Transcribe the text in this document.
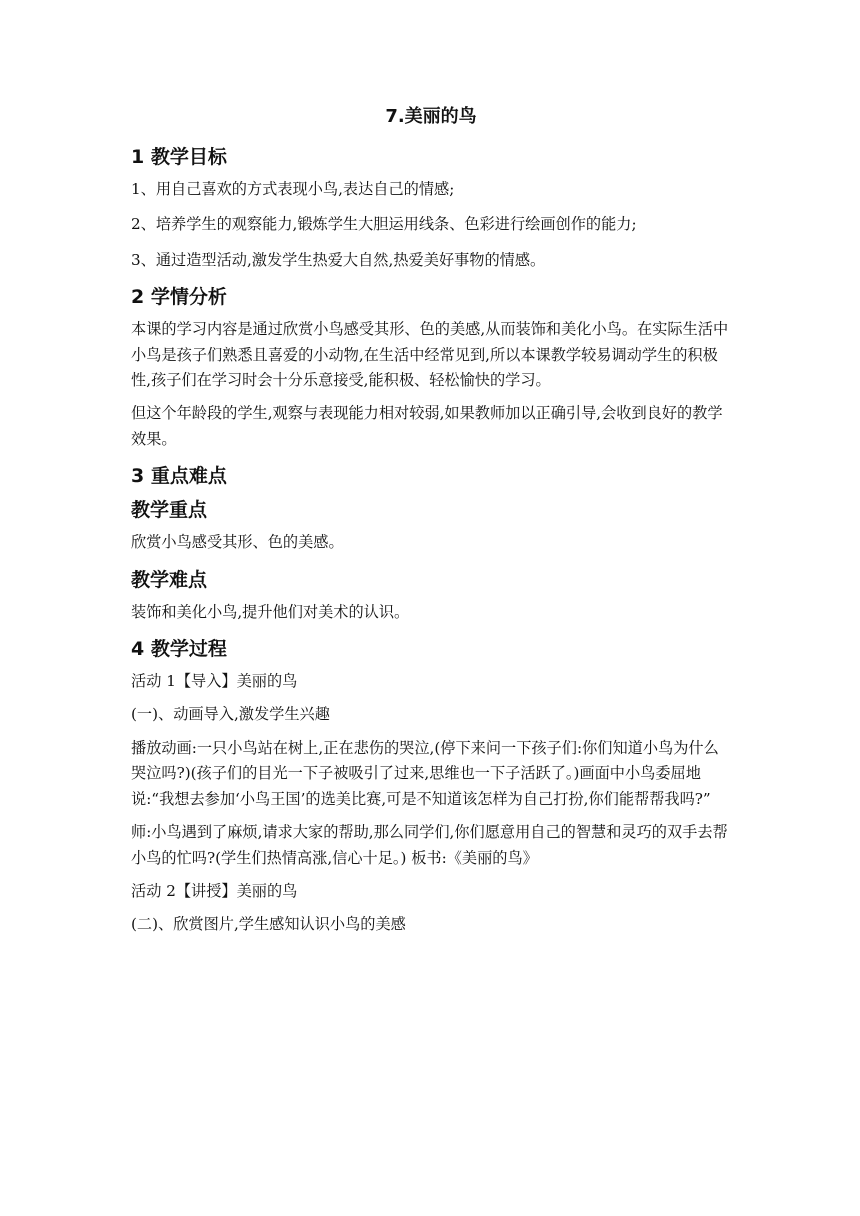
7.美丽的鸟
1 教学目标
1、用自己喜欢的方式表现小鸟,表达自己的情感;
2、培养学生的观察能力,锻炼学生大胆运用线条、色彩进行绘画创作的能力;
3、通过造型活动,激发学生热爱大自然,热爱美好事物的情感。
2 学情分析
本课的学习内容是通过欣赏小鸟感受其形、色的美感,从而装饰和美化小鸟。在实际生活中小鸟是孩子们熟悉且喜爱的小动物,在生活中经常见到,所以本课教学较易调动学生的积极性,孩子们在学习时会十分乐意接受,能积极、轻松愉快的学习。
但这个年龄段的学生,观察与表现能力相对较弱,如果教师加以正确引导,会收到良好的教学效果。
3 重点难点
教学重点
欣赏小鸟感受其形、色的美感。
教学难点
装饰和美化小鸟,提升他们对美术的认识。
4 教学过程
活动 1【导入】美丽的鸟
(一)、动画导入,激发学生兴趣
播放动画:一只小鸟站在树上,正在悲伤的哭泣,(停下来问一下孩子们:你们知道小鸟为什么哭泣吗?)(孩子们的目光一下子被吸引了过来,思维也一下子活跃了。)画面中小鸟委屈地说:“我想去参加‘小鸟王国’的选美比赛,可是不知道该怎样为自己打扮,你们能帮帮我吗?”
师:小鸟遇到了麻烦,请求大家的帮助,那么同学们,你们愿意用自己的智慧和灵巧的双手去帮小鸟的忙吗?(学生们热情高涨,信心十足。) 板书:《美丽的鸟》
活动 2【讲授】美丽的鸟
(二)、欣赏图片,学生感知认识小鸟的美感
